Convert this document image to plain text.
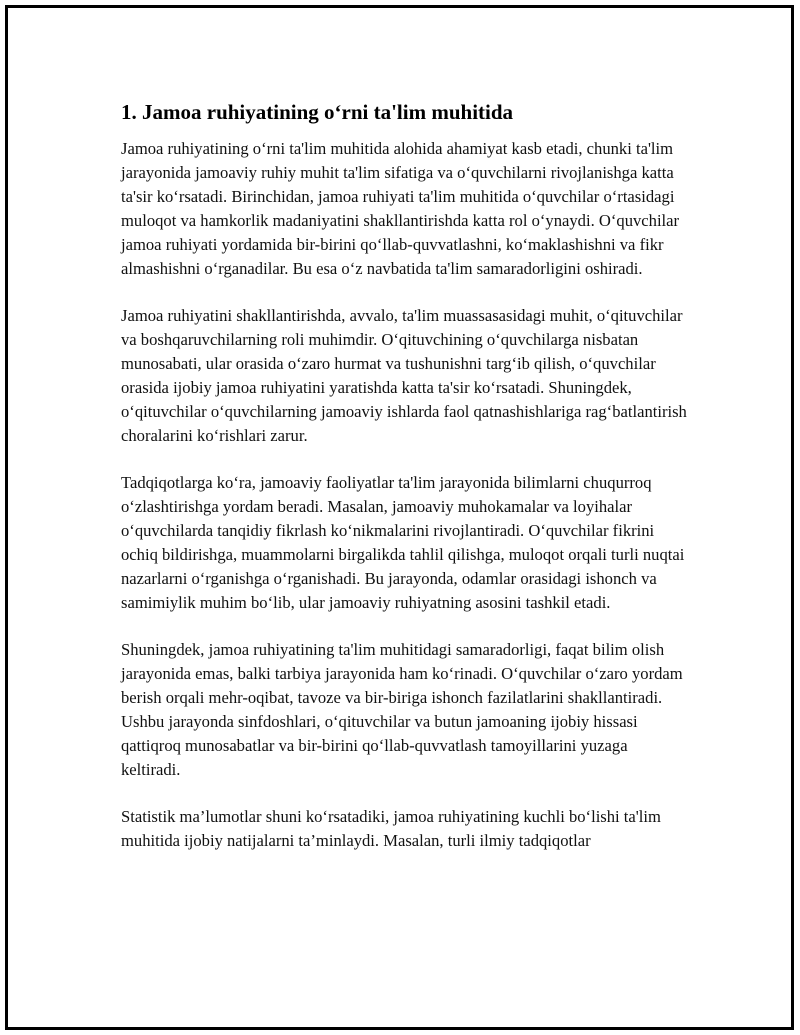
1. Jamoa ruhiyatining o‘rni ta'lim muhitida

Jamoa ruhiyatining o‘rni ta'lim muhitida alohida ahamiyat kasb etadi, chunki ta'lim jarayonida jamoaviy ruhiy muhit ta'lim sifatiga va o‘quvchilarni rivojlanishga katta ta'sir ko‘rsatadi. Birinchidan, jamoa ruhiyati ta'lim muhitida o‘quvchilar o‘rtasidagi muloqot va hamkorlik madaniyatini shakllantirishda katta rol o‘ynaydi. O‘quvchilar jamoa ruhiyati yordamida bir-birini qo‘llab-quvvatlashni, ko‘maklashishni va fikr almashishni o‘rganadilar. Bu esa o‘z navbatida ta'lim samaradorligini oshiradi.

Jamoa ruhiyatini shakllantirishda, avvalo, ta'lim muassasasidagi muhit, o‘qituvchilar va boshqaruvchilarning roli muhimdir. O‘qituvchining o‘quvchilarga nisbatan munosabati, ular orasida o‘zaro hurmat va tushunishni targ‘ib qilish, o‘quvchilar orasida ijobiy jamoa ruhiyatini yaratishda katta ta'sir ko‘rsatadi. Shuningdek, o‘qituvchilar o‘quvchilarning jamoaviy ishlarda faol qatnashishlariga rag‘batlantirish choralarini ko‘rishlari zarur.

Tadqiqotlarga ko‘ra, jamoaviy faoliyatlar ta'lim jarayonida bilimlarni chuqurroq o‘zlashtirishga yordam beradi. Masalan, jamoaviy muhokamalar va loyihalar o‘quvchilarda tanqidiy fikrlash ko‘nikmalarini rivojlantiradi. O‘quvchilar fikrini ochiq bildirishga, muammolarni birgalikda tahlil qilishga, muloqot orqali turli nuqtai nazarlarni o‘rganishga o‘rganishadi. Bu jarayonda, odamlar orasidagi ishonch va samimiylik muhim bo‘lib, ular jamoaviy ruhiyatning asosini tashkil etadi.

Shuningdek, jamoa ruhiyatining ta'lim muhitidagi samaradorligi, faqat bilim olish jarayonida emas, balki tarbiya jarayonida ham ko‘rinadi. O‘quvchilar o‘zaro yordam berish orqali mehr-oqibat, tavoze va bir-biriga ishonch fazilatlarini shakllantiradi. Ushbu jarayonda sinfdoshlari, o‘qituvchilar va butun jamoaning ijobiy hissasi qattiqroq munosabatlar va bir-birini qo‘llab-quvvatlash tamoyillarini yuzaga keltiradi.

Statistik ma’lumotlar shuni ko‘rsatadiki, jamoa ruhiyatining kuchli bo‘lishi ta'lim muhitida ijobiy natijalarni ta’minlaydi. Masalan, turli ilmiy tadqiqotlar
